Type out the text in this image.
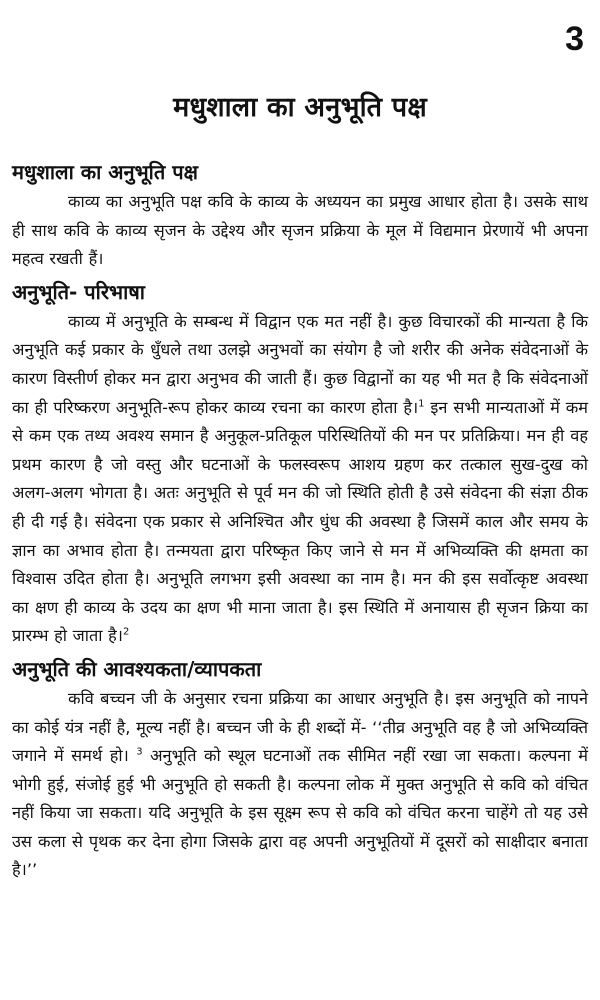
3
मधुशाला का अनुभूति पक्ष
मधुशाला का अनुभूति पक्ष

काव्य का अनुभूति पक्ष कवि के काव्य के अध्ययन का प्रमुख आधार होता है। उसके साथ ही साथ कवि के काव्य सृजन के उद्देश्य और सृजन प्रक्रिया के मूल में विद्यमान प्रेरणायें भी अपना महत्व रखती हैं।

अनुभूति- परिभाषा

काव्य में अनुभूति के सम्बन्ध में विद्वान एक मत नहीं है। कुछ विचारकों की मान्यता है कि अनुभूति कई प्रकार के धुँधले तथा उलझे अनुभवों का संयोग है जो शरीर की अनेक संवेदनाओं के कारण विस्तीर्ण होकर मन द्वारा अनुभव की जाती हैं। कुछ विद्वानों का यह भी मत है कि संवेदनाओं का ही परिष्करण अनुभूति-रूप होकर काव्य रचना का कारण होता है।$^1$ इन सभी मान्यताओं में कम से कम एक तथ्य अवश्य समान है अनुकूल-प्रतिकूल परिस्थितियों की मन पर प्रतिक्रिया। मन ही वह प्रथम कारण है जो वस्तु और घटनाओं के फलस्वरूप आशय ग्रहण कर तत्काल सुख-दुख को अलग-अलग भोगता है। अतः अनुभूति से पूर्व मन की जो स्थिति होती है उसे संवेदना की संज्ञा ठीक ही दी गई है। संवेदना एक प्रकार से अनिश्चित और धुंध की अवस्था है जिसमें काल और समय के ज्ञान का अभाव होता है। तन्मयता द्वारा परिष्कृत किए जाने से मन में अभिव्यक्ति की क्षमता का विश्वास उदित होता है। अनुभूति लगभग इसी अवस्था का नाम है। मन की इस सर्वोत्कृष्ट अवस्था का क्षण ही काव्य के उदय का क्षण भी माना जाता है। इस स्थिति में अनायास ही सृजन क्रिया का प्रारम्भ हो जाता है।$^2$

अनुभूति की आवश्यकता/व्यापकता

कवि बच्चन जी के अनुसार रचना प्रक्रिया का आधार अनुभूति है। इस अनुभूति को नापने का कोई यंत्र नहीं है, मूल्य नहीं है। बच्चन जी के ही शब्दों में- ‘‘तीव्र अनुभूति वह है जो अभिव्यक्ति जगाने में समर्थ हो। $^3$ अनुभूति को स्थूल घटनाओं तक सीमित नहीं रखा जा सकता। कल्पना में भोगी हुई, संजोई हुई भी अनुभूति हो सकती है। कल्पना लोक में मुक्त अनुभूति से कवि को वंचित नहीं किया जा सकता। यदि अनुभूति के इस सूक्ष्म रूप से कवि को वंचित करना चाहेंगे तो यह उसे उस कला से पृथक कर देना होगा जिसके द्वारा वह अपनी अनुभूतियों में दूसरों को साक्षीदार बनाता है।’’
